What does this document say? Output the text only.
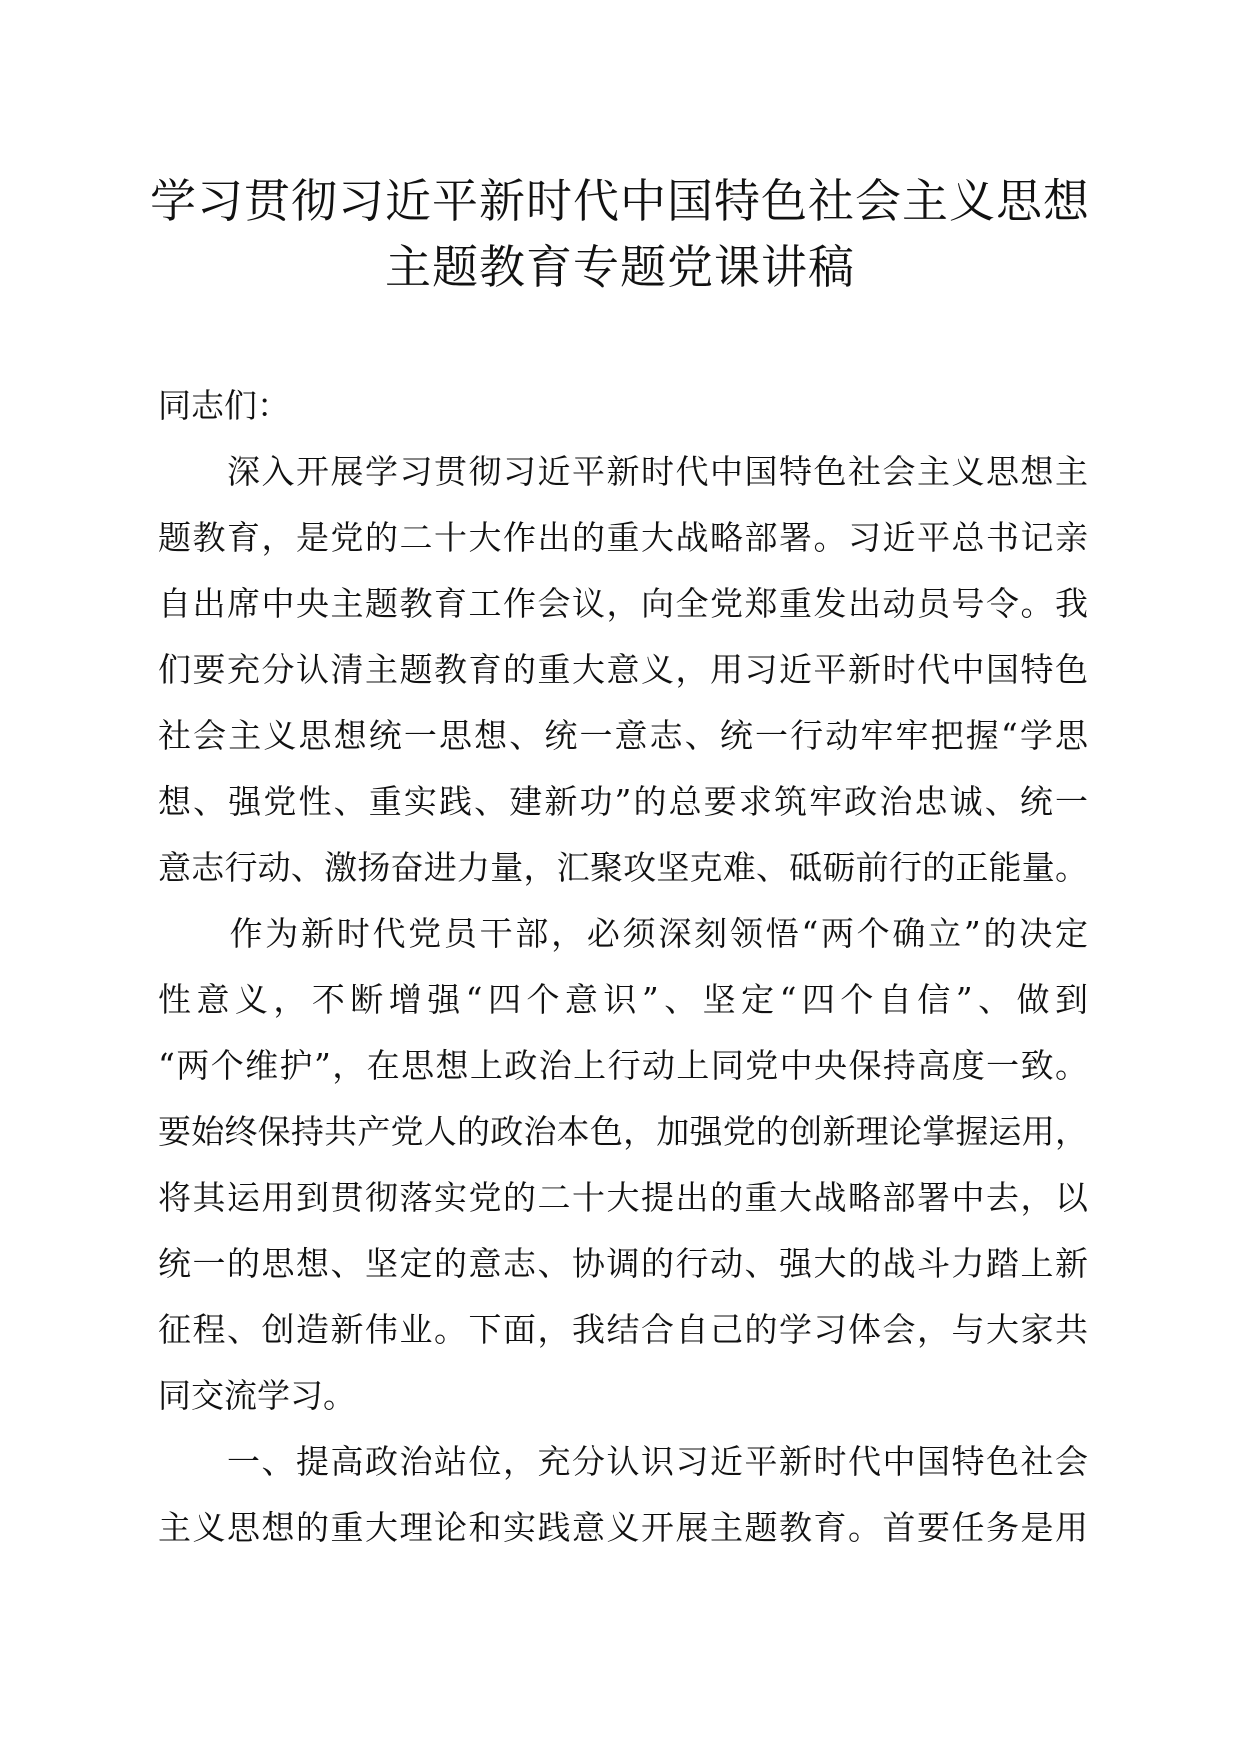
学习贯彻习近平新时代中国特色社会主义思想
主题教育专题党课讲稿
同志们：
　　深入开展学习贯彻习近平新时代中国特色社会主义思想主
题教育，是党的二十大作出的重大战略部署。习近平总书记亲
自出席中央主题教育工作会议，向全党郑重发出动员号令。我
们要充分认清主题教育的重大意义，用习近平新时代中国特色
社会主义思想统一思想、统一意志、统一行动牢牢把握“学思
想、强党性、重实践、建新功”的总要求筑牢政治忠诚、统一
意志行动、激扬奋进力量，汇聚攻坚克难、砥砺前行的正能量。
　　作为新时代党员干部，必须深刻领悟“两个确立”的决定
性意义，不断增强“四个意识”、坚定“四个自信”、做到
“两个维护”，在思想上政治上行动上同党中央保持高度一致。
要始终保持共产党人的政治本色，加强党的创新理论掌握运用，
将其运用到贯彻落实党的二十大提出的重大战略部署中去，以
统一的思想、坚定的意志、协调的行动、强大的战斗力踏上新
征程、创造新伟业。下面，我结合自己的学习体会，与大家共
同交流学习。
　　一、提高政治站位，充分认识习近平新时代中国特色社会
主义思想的重大理论和实践意义开展主题教育。首要任务是用
